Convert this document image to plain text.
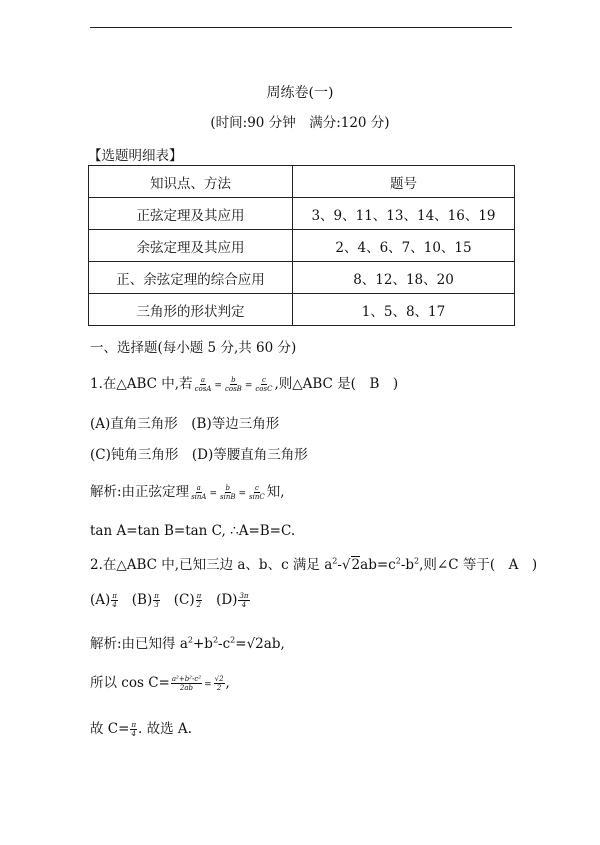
周练卷(一)
(时间:90 分钟　满分:120 分)
【选题明细表】
知识点、方法	题号
正弦定理及其应用	3、9、11、13、14、16、19
余弦定理及其应用	2、4、6、7、10、15
正、余弦定理的综合应用	8、12、18、20
三角形的形状判定	1、5、8、17
一、选择题(每小题 5 分,共 60 分)
1.在△ABC 中,若 $\frac{a}{\cos A} = \frac{b}{\cos B} = \frac{c}{\cos C}$ ,则△ABC 是(　B　)
(A)直角三角形　(B)等边三角形
(C)钝角三角形　(D)等腰直角三角形
解析:由正弦定理 $\frac{a}{\sin A} = \frac{b}{\sin B} = \frac{c}{\sin C}$ 知,
tan A=tan B=tan C, ∴A=B=C.
2.在△ABC 中,已知三边 a、b、c 满足 $a^2-√2ab=c^2-b^2$,则∠C 等于(　A　)
$(A) \frac{\pi}{4} (B) \frac{\pi}{3} (C) \frac{\pi}{2} (D) \frac{3\pi}{4}$
解析:由已知得 $a^2+b^2-c^2=√2ab$,
所以 $\cos C= \frac{\text{a²+b²-c²}}{2ab} = \frac{√2}{2}$ ,
故 $C= \frac{\pi}{4}$ . 故选 A.
